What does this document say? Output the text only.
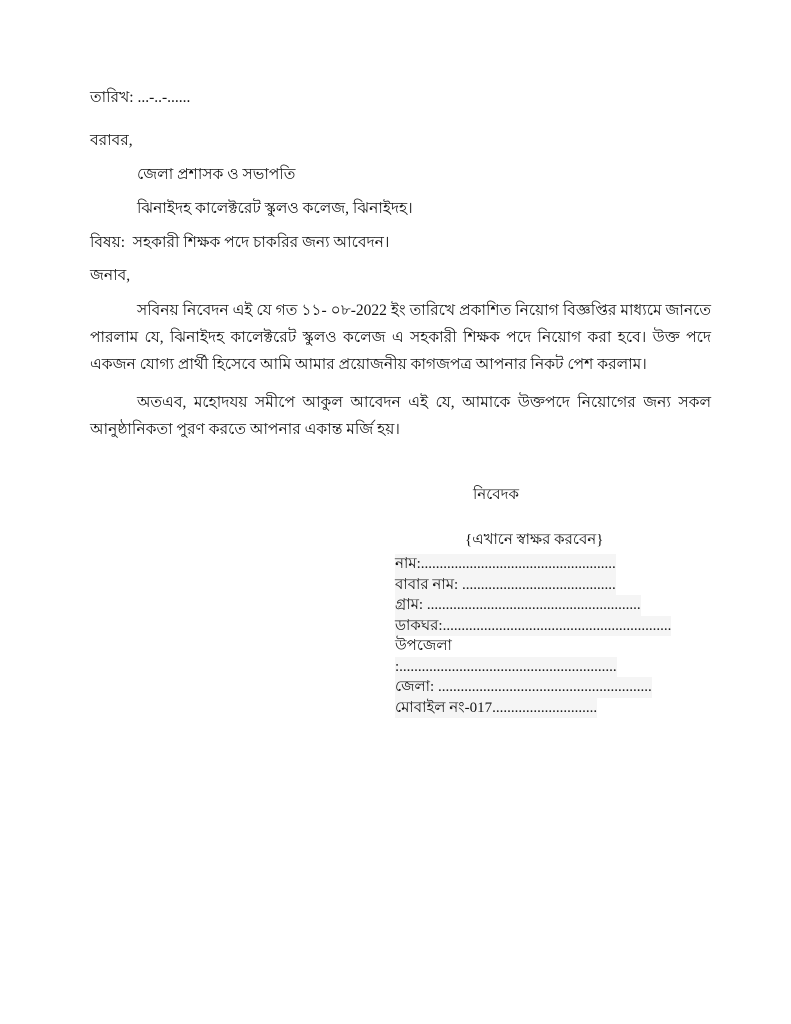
তারিখ: ...-..-......
বরাবর,
জেলা প্রশাসক ও সভাপতি
ঝিনাইদহ কালেক্টরেট স্কুলও কলেজ, ঝিনাইদহ।
বিষয়:  সহকারী শিক্ষক পদে চাকরির জন্য আবেদন।
জনাব,

সবিনয় নিবেদন এই যে গত ১১- ০৮-2022 ইং তারিখে প্রকাশিত নিয়োগ বিজ্ঞপ্তির মাধ্যমে জানতে পারলাম যে, ঝিনাইদহ কালেক্টরেট স্কুলও কলেজ এ সহকারী শিক্ষক পদে নিয়োগ করা হবে। উক্ত পদে একজন যোগ্য প্রার্থী হিসেবে আমি আমার প্রয়োজনীয় কাগজপত্র আপনার নিকট পেশ করলাম।

অতএব, মহোদযয় সমীপে আকুল আবেদন এই যে, আমাকে উক্তপদে নিয়োগের জন্য সকল আনুষ্ঠানিকতা পুরণ করতে আপনার একান্ত মর্জি হয়।

নিবেদক
{এখানে স্বাক্ষর করবেন}
নাম:....................................................
বাবার নাম: .........................................
গ্রাম: .........................................................
ডাকঘর:.............................................................
উপজেলা
:..........................................................
জেলা: .........................................................
মোবাইল নং-017............................
